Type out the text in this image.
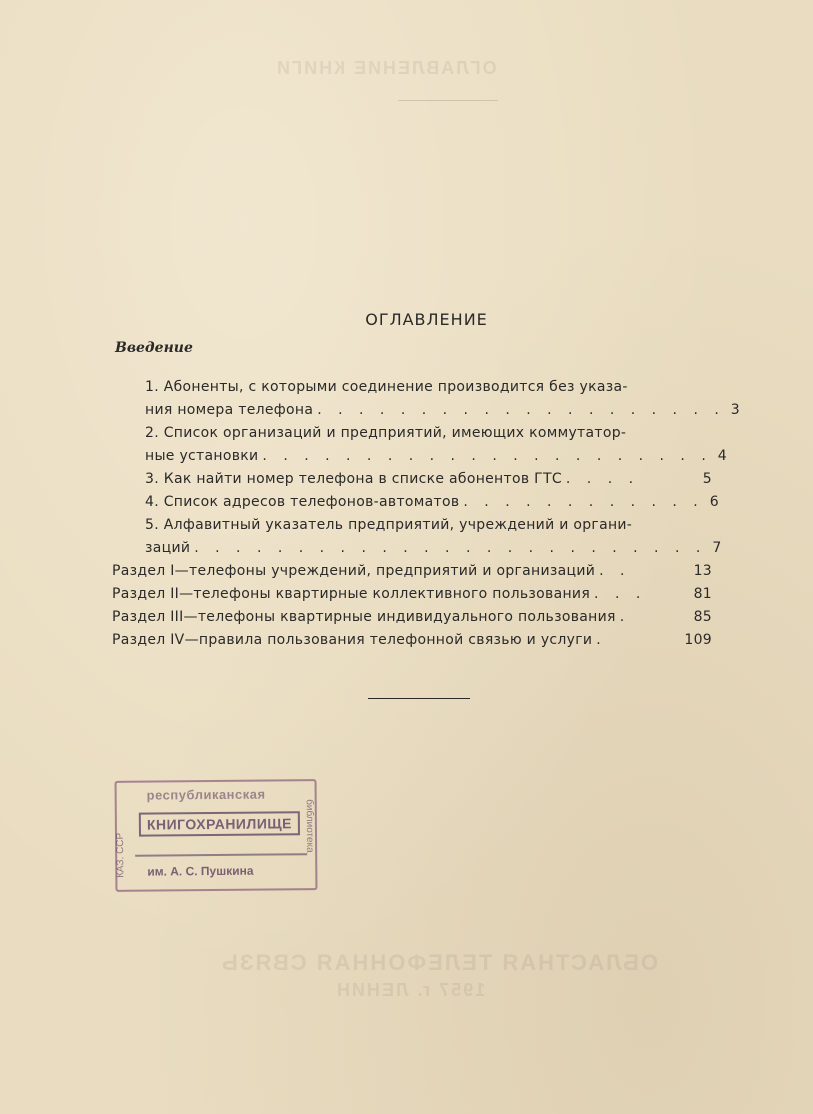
ОГЛАВЛЕНИЕ КНИГИ
ОГЛАВЛЕНИЕ
Введение
1. Абоненты, с которыми соединение производится без указа-
ния номера телефона . . . . . . . . . . . . . . . . . . . . 3
2. Список организаций и предприятий, имеющих коммутатор-
ные установки . . . . . . . . . . . . . . . . . . . . . . 4
3. Как найти номер телефона в списке абонентов ГТС . . . .	5
4. Список адресов телефонов-автоматов . . . . . . . . . . . . 6
5. Алфавитный указатель предприятий, учреждений и органи-
заций . . . . . . . . . . . . . . . . . . . . . . . . . 7
Раздел I—телефоны учреждений, предприятий и организаций . .	13
Раздел II—телефоны квартирные коллективного пользования . . .	81
Раздел III—телефоны квартирные индивидуального пользования .	85
Раздел IV—правила пользования телефонной связью и услуги .	109
республиканская
КНИГОХРАНИЛИЩЕ
им. А. С. Пушкина
КАЗ. ССР
библиотека
ОБЛАСТНАЯ ТЕЛЕФОННАЯ СВЯЗЬ
1957 г. ЛЕНИН
